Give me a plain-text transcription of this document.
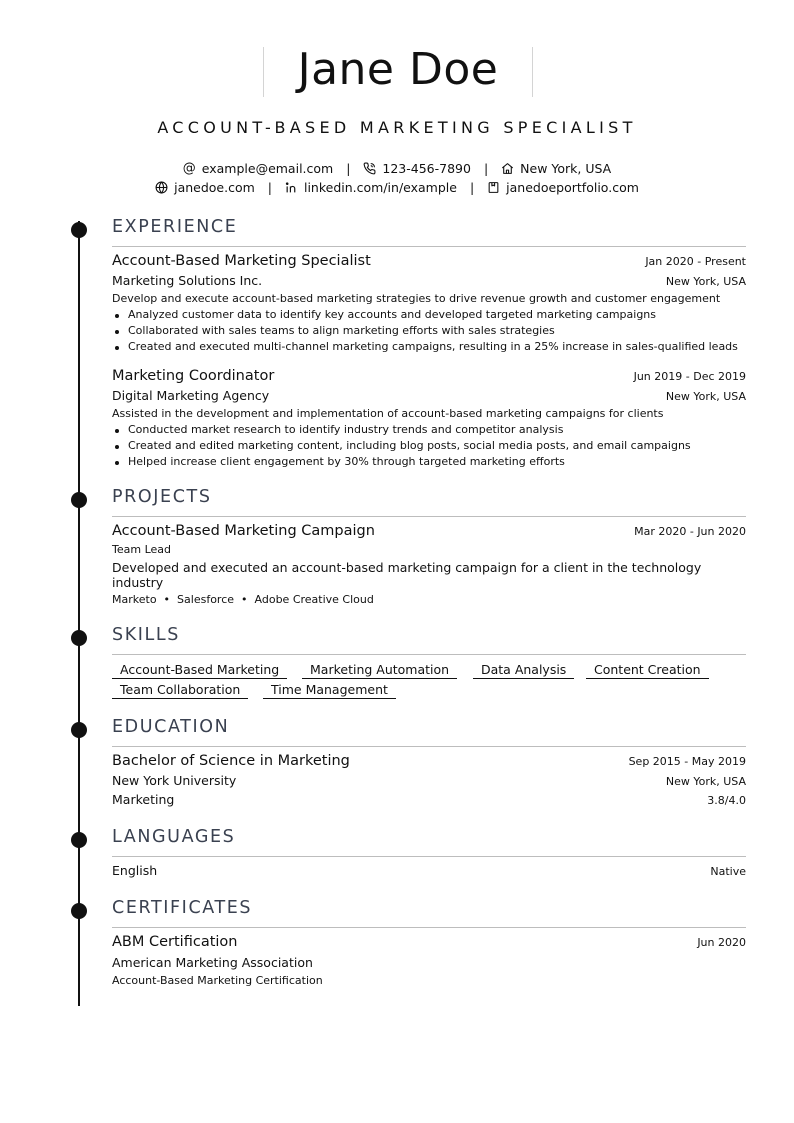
Jane Doe
ACCOUNT-BASED MARKETING SPECIALIST
@ example@email.com |	123-456-7890 |	New York, USA
janedoe.com |	linkedin.com/in/example |	janedoeportfolio.com
EXPERIENCE
Account-Based Marketing Specialist	Jan 2020 - Present
Marketing Solutions Inc.	New York, USA
Develop and execute account-based marketing strategies to drive revenue growth and customer engagement
Analyzed customer data to identify key accounts and developed targeted marketing campaigns
Collaborated with sales teams to align marketing efforts with sales strategies
Created and executed multi-channel marketing campaigns, resulting in a 25% increase in sales-qualified leads
Marketing Coordinator	Jun 2019 - Dec 2019
Digital Marketing Agency	New York, USA
Assisted in the development and implementation of account-based marketing campaigns for clients
Conducted market research to identify industry trends and competitor analysis
Created and edited marketing content, including blog posts, social media posts, and email campaigns
Helped increase client engagement by 30% through targeted marketing efforts
PROJECTS
Account-Based Marketing Campaign	Mar 2020 - Jun 2020
Team Lead
Developed and executed an account-based marketing campaign for a client in the technology industry
Marketo • Salesforce • Adobe Creative Cloud
SKILLS
Account-Based Marketing	Marketing Automation	Data Analysis	Content Creation
Team Collaboration	Time Management
EDUCATION
Bachelor of Science in Marketing	Sep 2015 - May 2019
New York University	New York, USA
Marketing	3.8/4.0
LANGUAGES
English	Native
CERTIFICATES
ABM Certification	Jun 2020
American Marketing Association
Account-Based Marketing Certification
